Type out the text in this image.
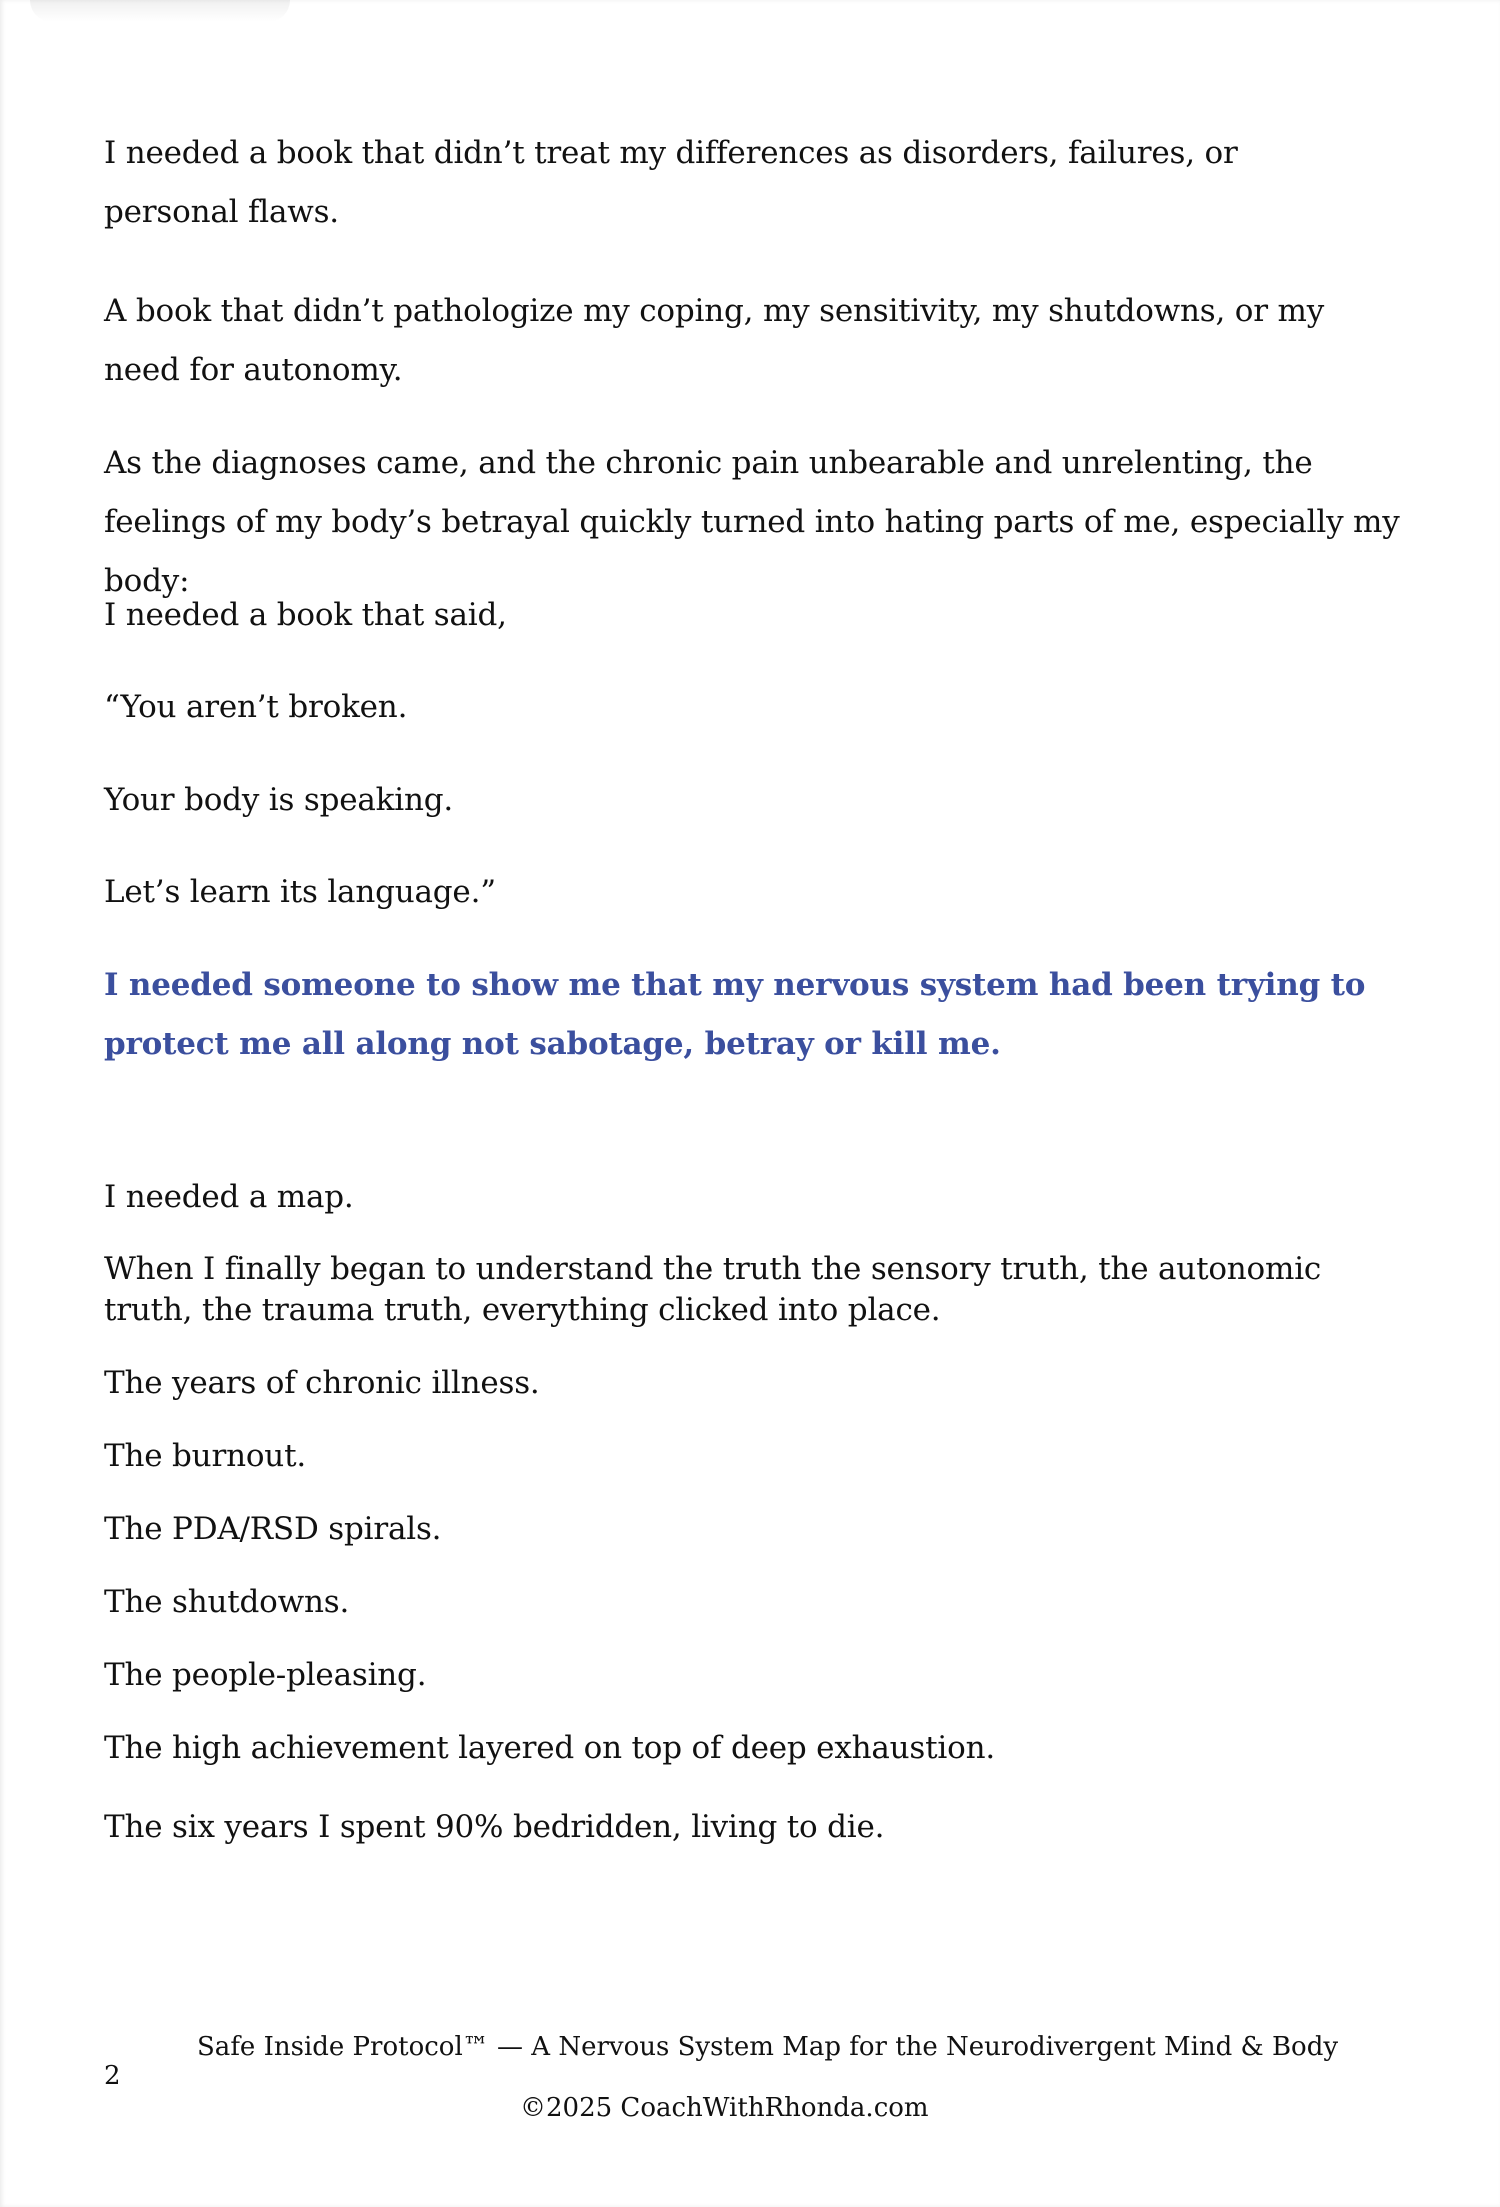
I needed a book that didn’t treat my differences as disorders, failures, or personal flaws.

A book that didn’t pathologize my coping, my sensitivity, my shutdowns, or my need for autonomy.

As the diagnoses came, and the chronic pain unbearable and unrelenting, the feelings of my body’s betrayal quickly turned into hating parts of me, especially my body:

I needed a book that said,

“You aren’t broken.

Your body is speaking.

Let’s learn its language.”

I needed someone to show me that my nervous system had been trying to protect me all along not sabotage, betray or kill me.

I needed a map.

When I finally began to understand the truth the sensory truth, the autonomic truth, the trauma truth, everything clicked into place.

The years of chronic illness.

The burnout.

The PDA/RSD spirals.

The shutdowns.

The people-pleasing.

The high achievement layered on top of deep exhaustion.

The six years I spent 90% bedridden, living to die.

Safe Inside Protocol™ — A Nervous System Map for the Neurodivergent Mind & Body
2
©2025 CoachWithRhonda.com
